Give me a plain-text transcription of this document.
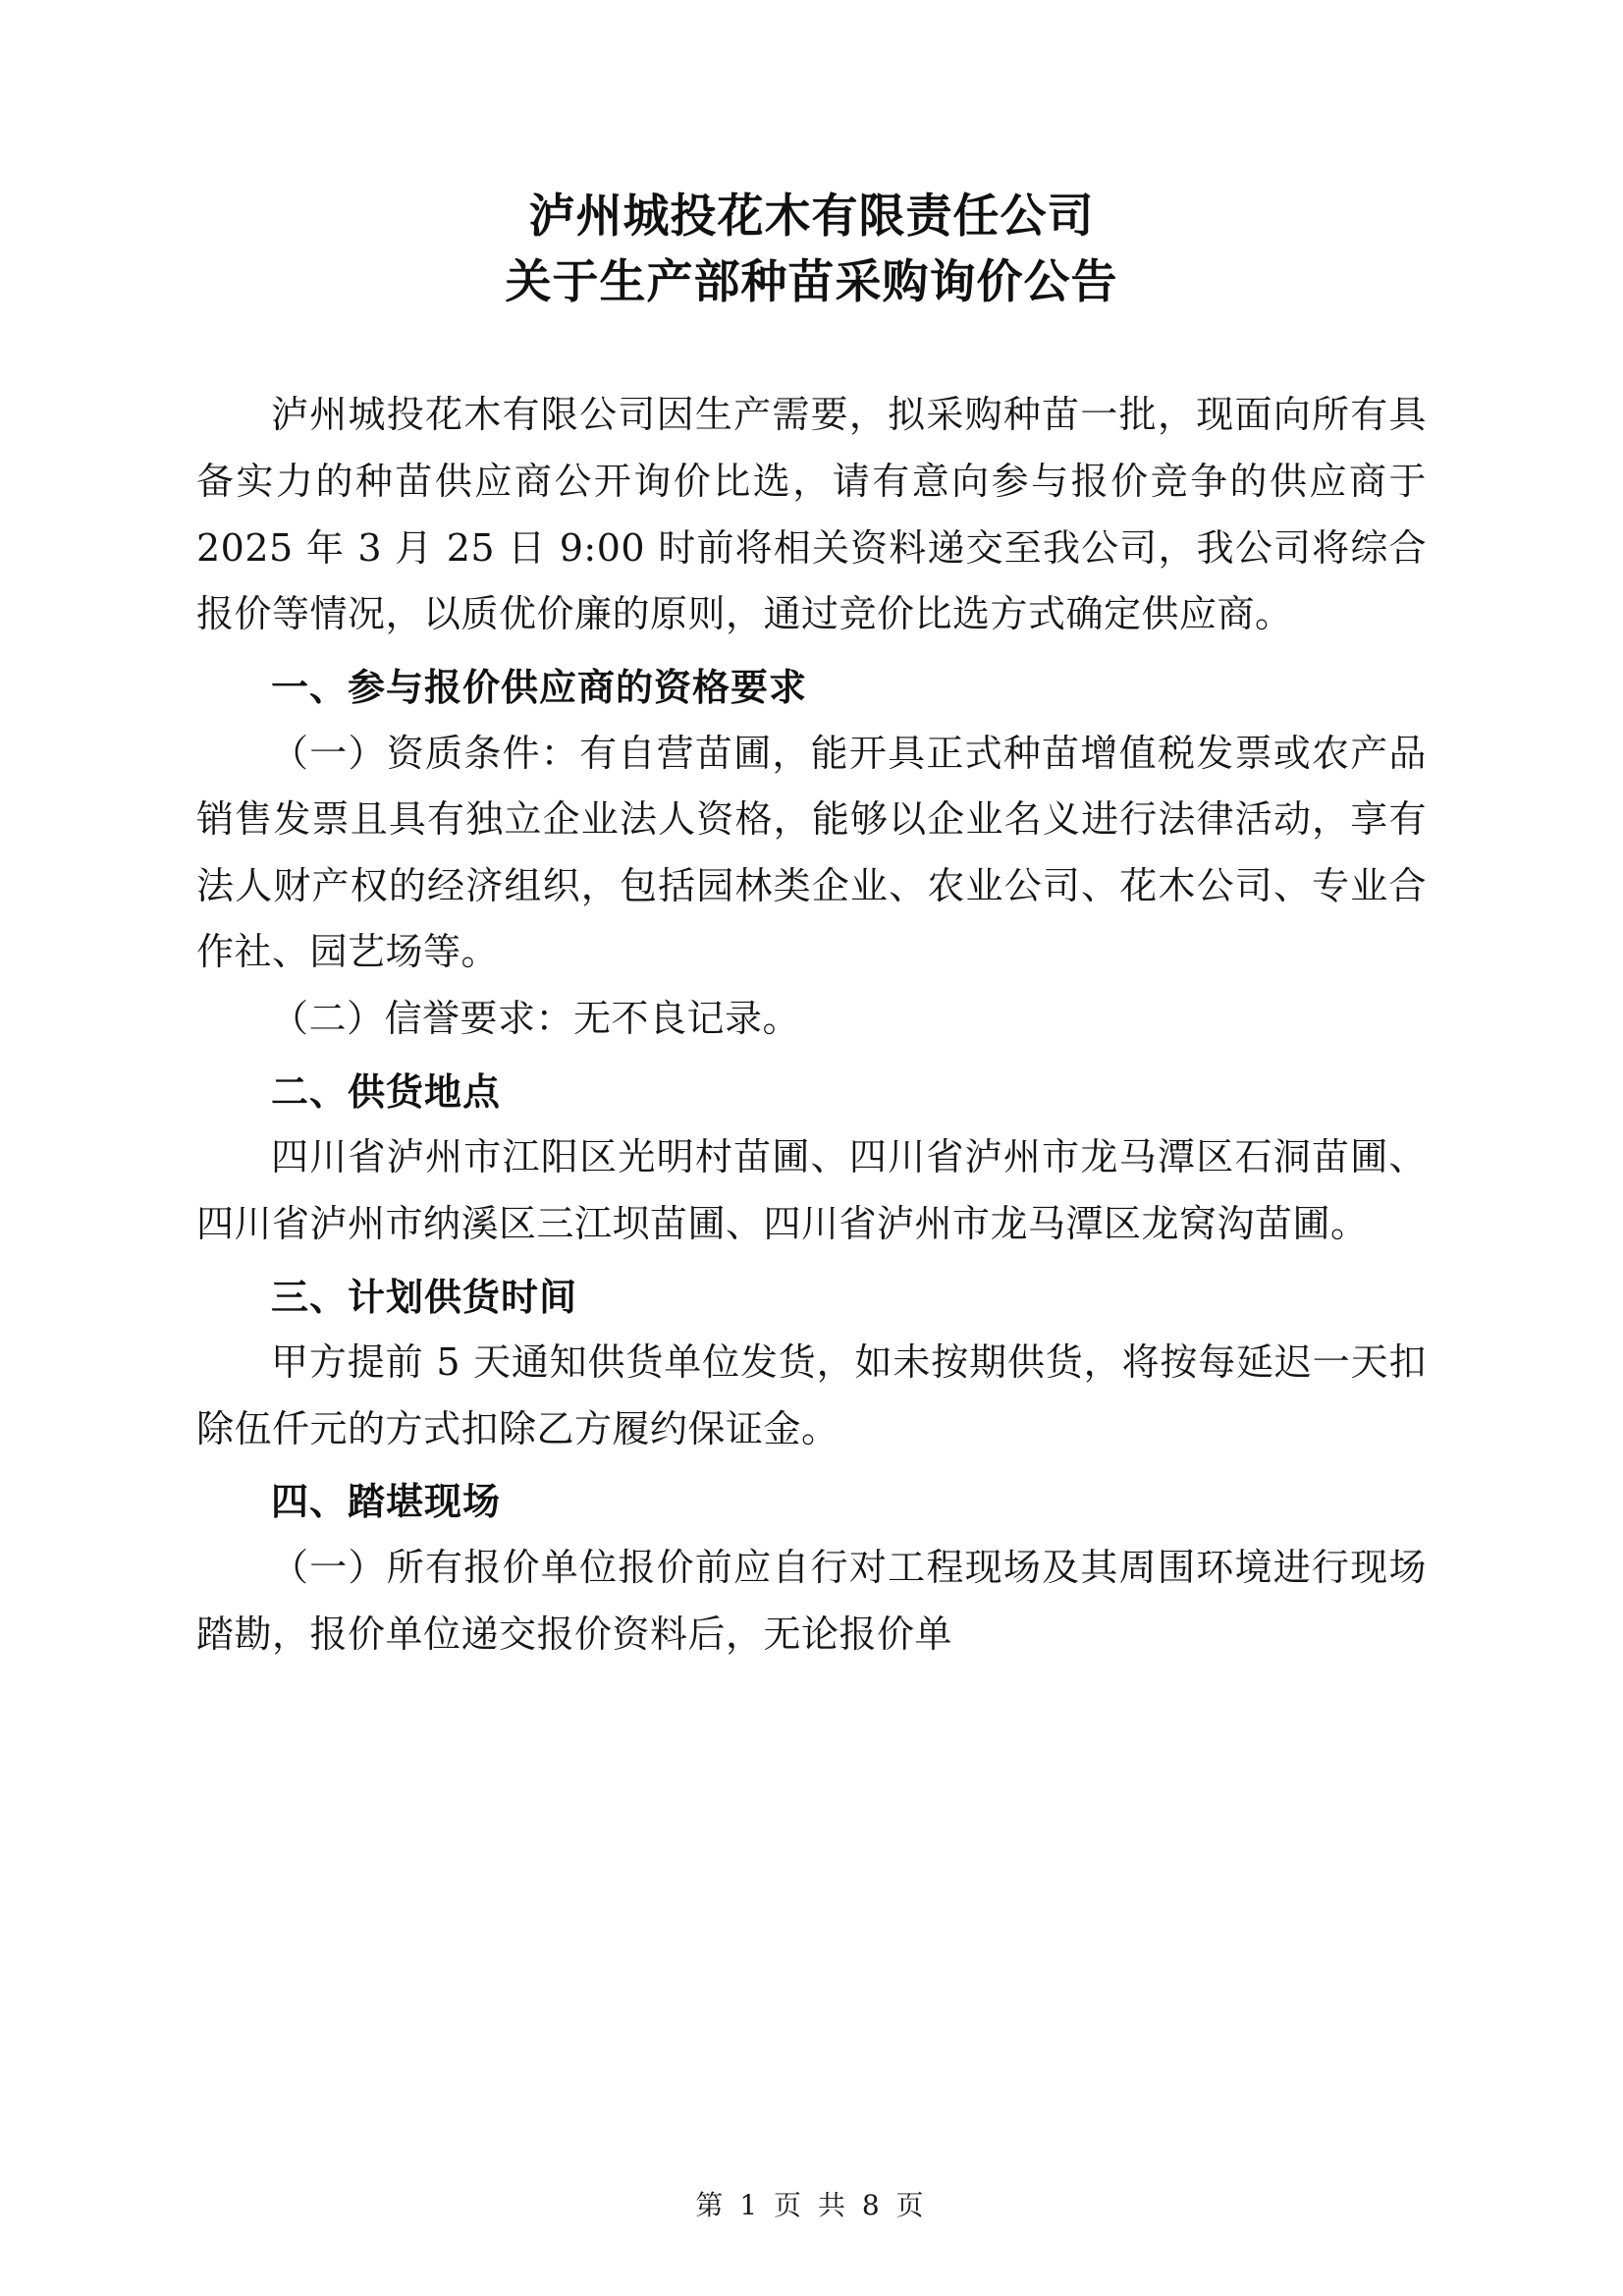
泸州城投花木有限责任公司
关于生产部种苗采购询价公告

泸州城投花木有限公司因生产需要，拟采购种苗一批，现面向所有具备实力的种苗供应商公开询价比选，请有意向参与报价竞争的供应商于 2025 年 3 月 25 日 9:00 时前将相关资料递交至我公司，我公司将综合报价等情况，以质优价廉的原则，通过竞价比选方式确定供应商。

一、参与报价供应商的资格要求

（一）资质条件：有自营苗圃，能开具正式种苗增值税发票或农产品销售发票且具有独立企业法人资格，能够以企业名义进行法律活动，享有法人财产权的经济组织，包括园林类企业、农业公司、花木公司、专业合作社、园艺场等。

（二）信誉要求：无不良记录。

二、供货地点

四川省泸州市江阳区光明村苗圃、四川省泸州市龙马潭区石洞苗圃、四川省泸州市纳溪区三江坝苗圃、四川省泸州市龙马潭区龙窝沟苗圃。

三、计划供货时间

甲方提前 5 天通知供货单位发货，如未按期供货，将按每延迟一天扣除伍仟元的方式扣除乙方履约保证金。

四、踏堪现场

（一）所有报价单位报价前应自行对工程现场及其周围环境进行现场踏勘，报价单位递交报价资料后，无论报价单

第 1 页 共 8 页
